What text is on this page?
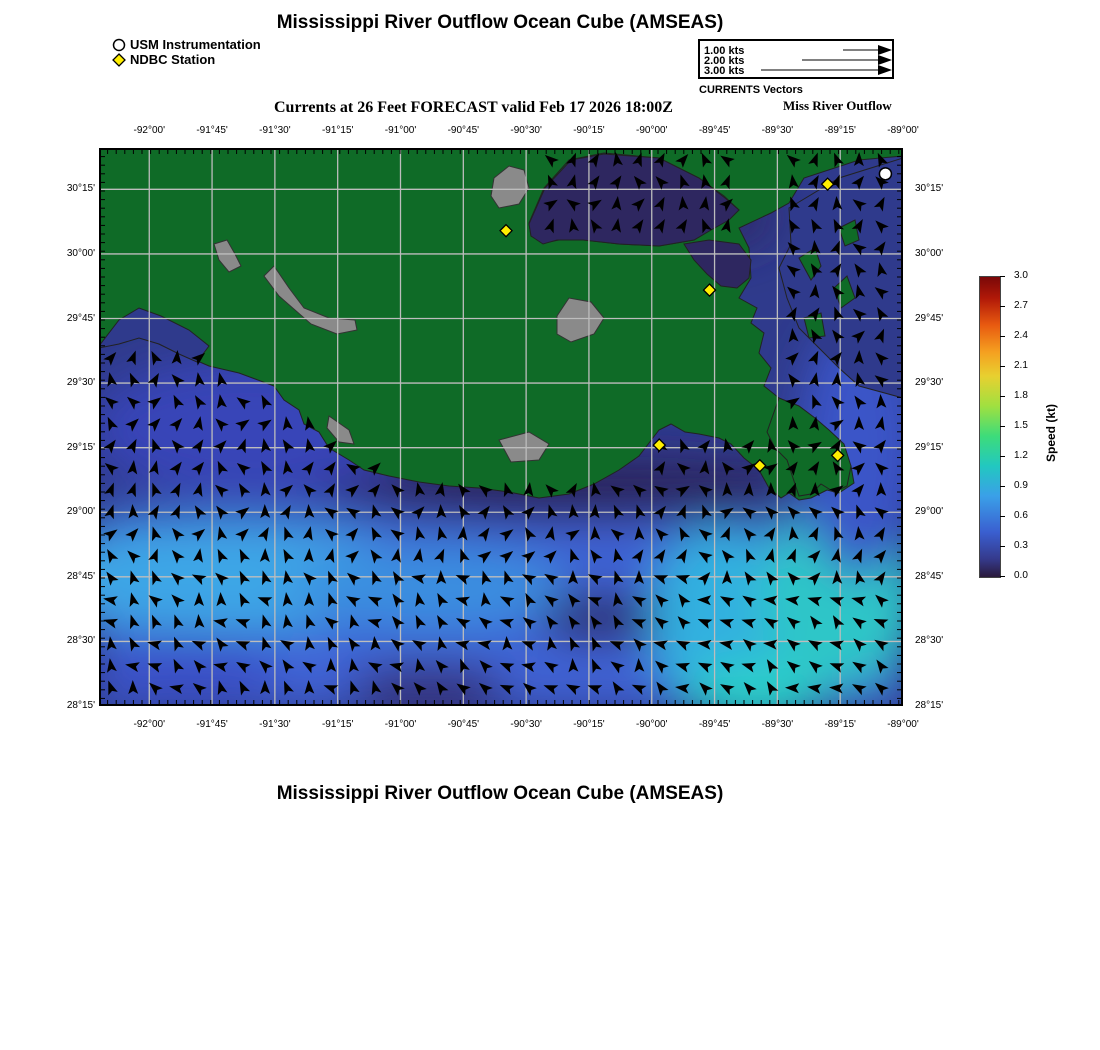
Mississippi River Outflow Ocean Cube (AMSEAS)
Mississippi River Outflow Ocean Cube (AMSEAS)
USM Instrumentation
NDBC Station
1.00 kts
2.00 kts
3.00 kts
CURRENTS Vectors
Currents at 26 Feet FORECAST valid Feb 17 2026 18:00Z	Miss River Outflow
-92°00'	-91°45'	-91°30'	-91°15'	-91°00'	-90°45'	-90°30'	-90°15'	-90°00'	-89°45'	-89°30'	-89°15'	-89°00'
-92°00'	-91°45'	-91°30'	-91°15'	-91°00'	-90°45'	-90°30'	-90°15'	-90°00'	-89°45'	-89°30'	-89°15'	-89°00'
30°15'
30°00'
29°45'
29°30'
29°15'
29°00'
28°45'
28°30'
28°15'
30°15'
30°00'
29°45'
29°30'
29°15'
29°00'
28°45'
28°30'
28°15'
3.0
2.7
2.4
2.1
1.8
1.5
1.2
0.9
0.6
0.3
0.0
Speed (kt)
